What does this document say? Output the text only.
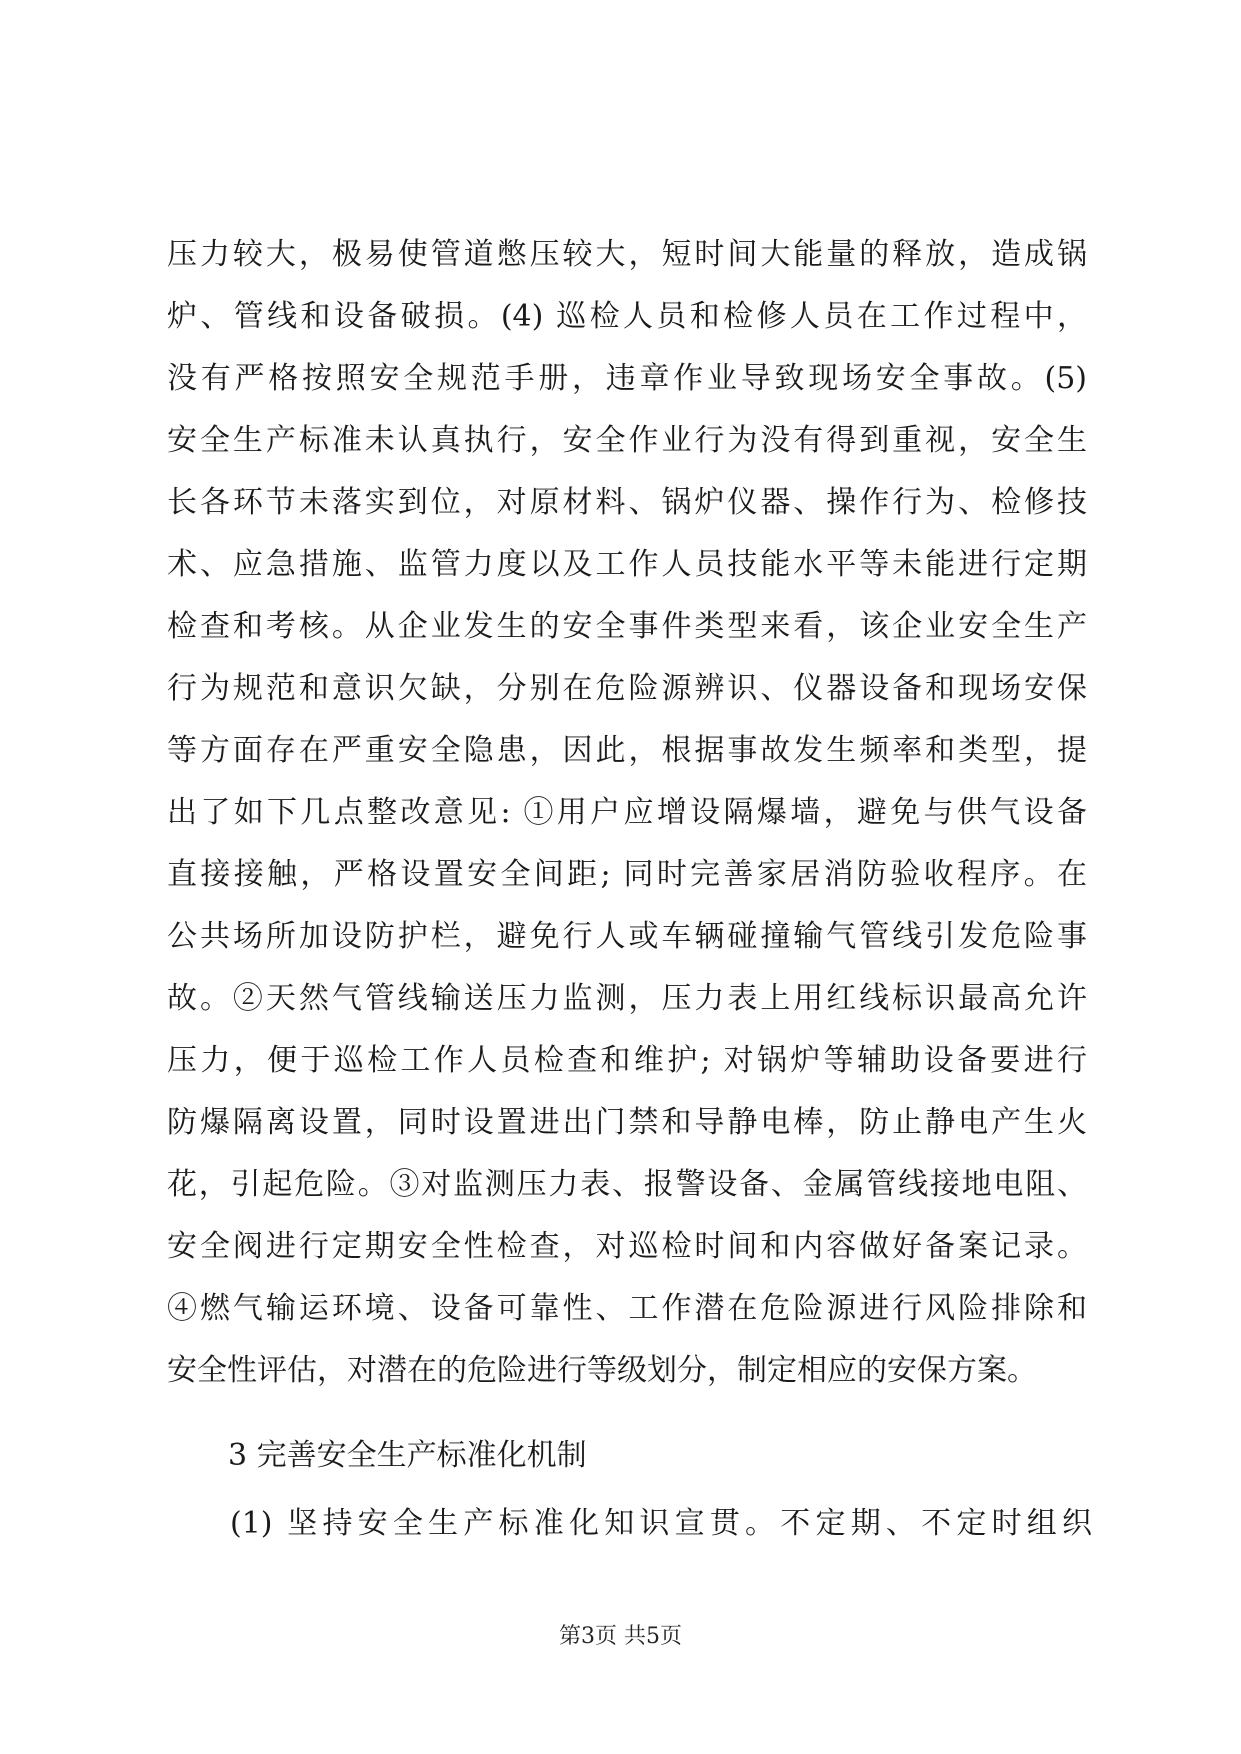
压力较大，极易使管道憋压较大，短时间大能量的释放，造成锅
炉、管线和设备破损。(4) 巡检人员和检修人员在工作过程中，
没有严格按照安全规范手册，违章作业导致现场安全事故。(5)
安全生产标准未认真执行，安全作业行为没有得到重视，安全生
长各环节未落实到位，对原材料、锅炉仪器、操作行为、检修技
术、应急措施、监管力度以及工作人员技能水平等未能进行定期
检查和考核。从企业发生的安全事件类型来看，该企业安全生产
行为规范和意识欠缺，分别在危险源辨识、仪器设备和现场安保
等方面存在严重安全隐患，因此，根据事故发生频率和类型，提
出了如下几点整改意见: ①用户应增设隔爆墙，避免与供气设备
直接接触，严格设置安全间距; 同时完善家居消防验收程序。在
公共场所加设防护栏，避免行人或车辆碰撞输气管线引发危险事
故。②天然气管线输送压力监测，压力表上用红线标识最高允许
压力，便于巡检工作人员检查和维护; 对锅炉等辅助设备要进行
防爆隔离设置，同时设置进出门禁和导静电棒，防止静电产生火
花，引起危险。③对监测压力表、报警设备、金属管线接地电阻、
安全阀进行定期安全性检查，对巡检时间和内容做好备案记录。
④燃气输运环境、设备可靠性、工作潜在危险源进行风险排除和
安全性评估，对潜在的危险进行等级划分，制定相应的安保方案。
3 完善安全生产标准化机制
(1) 坚持安全生产标准化知识宣贯。不定期、不定时组织
第3页 共5页
